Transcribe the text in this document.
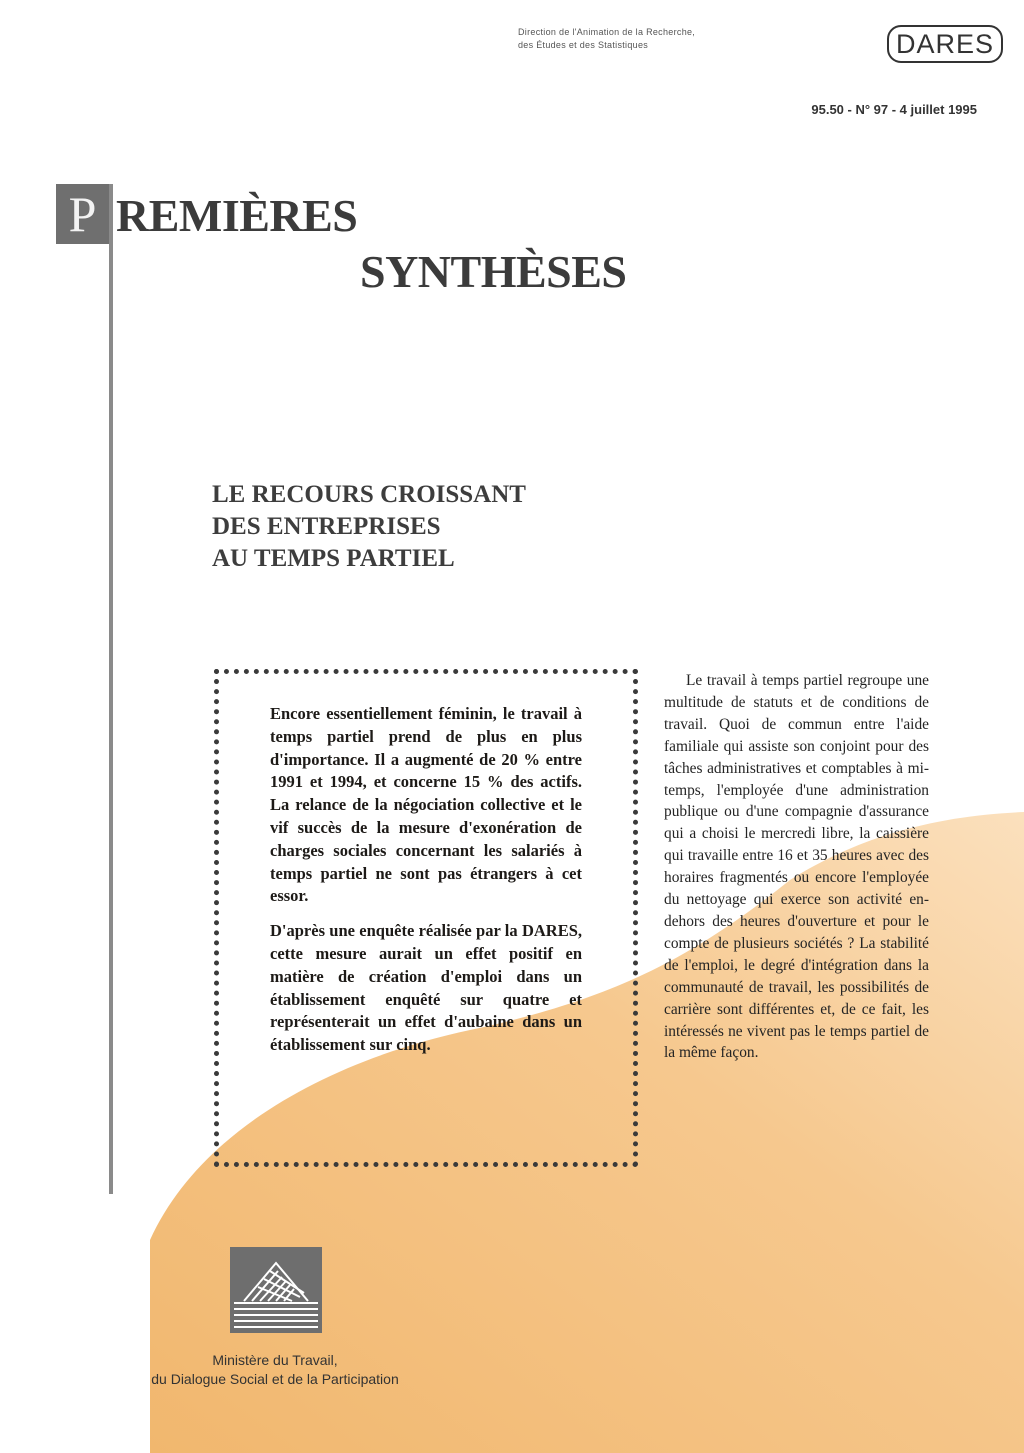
Direction de l'Animation de la Recherche,
des Études et des Statistiques	DARES
95.50 - N° 97 - 4 juillet 1995
P REMIÈRES
SYNTHÈSES
LE RECOURS CROISSANT
DES ENTREPRISES
AU TEMPS PARTIEL

Encore essentiellement féminin, le travail à temps partiel prend de plus en plus d'importance. Il a augmenté de 20 % entre 1991 et 1994, et concerne 15 % des actifs. La relance de la négociation collective et le vif succès de la mesure d'exonération de charges sociales concernant les salariés à temps partiel ne sont pas étrangers à cet essor.

D'après une enquête réalisée par la DARES, cette mesure aurait un effet positif en matière de création d'emploi dans un établissement enquêté sur quatre et représenterait un effet d'aubaine dans un établissement sur cinq.

Le travail à temps partiel regroupe une multitude de statuts et de conditions de travail. Quoi de commun entre l'aide familiale qui assiste son conjoint pour des tâches administratives et comptables à mi-temps, l'employée d'une administration publique ou d'une compagnie d'assurance qui a choisi le mercredi libre, la caissière qui travaille entre 16 et 35 heures avec des horaires fragmentés ou encore l'employée du nettoyage qui exerce son activité en-dehors des heures d'ouverture et pour le compte de plusieurs sociétés ? La stabilité de l'emploi, le degré d'intégration dans la communauté de travail, les possibilités de carrière sont différentes et, de ce fait, les intéressés ne vivent pas le temps partiel de la même façon.

Ministère du Travail,
du Dialogue Social et de la Participation
